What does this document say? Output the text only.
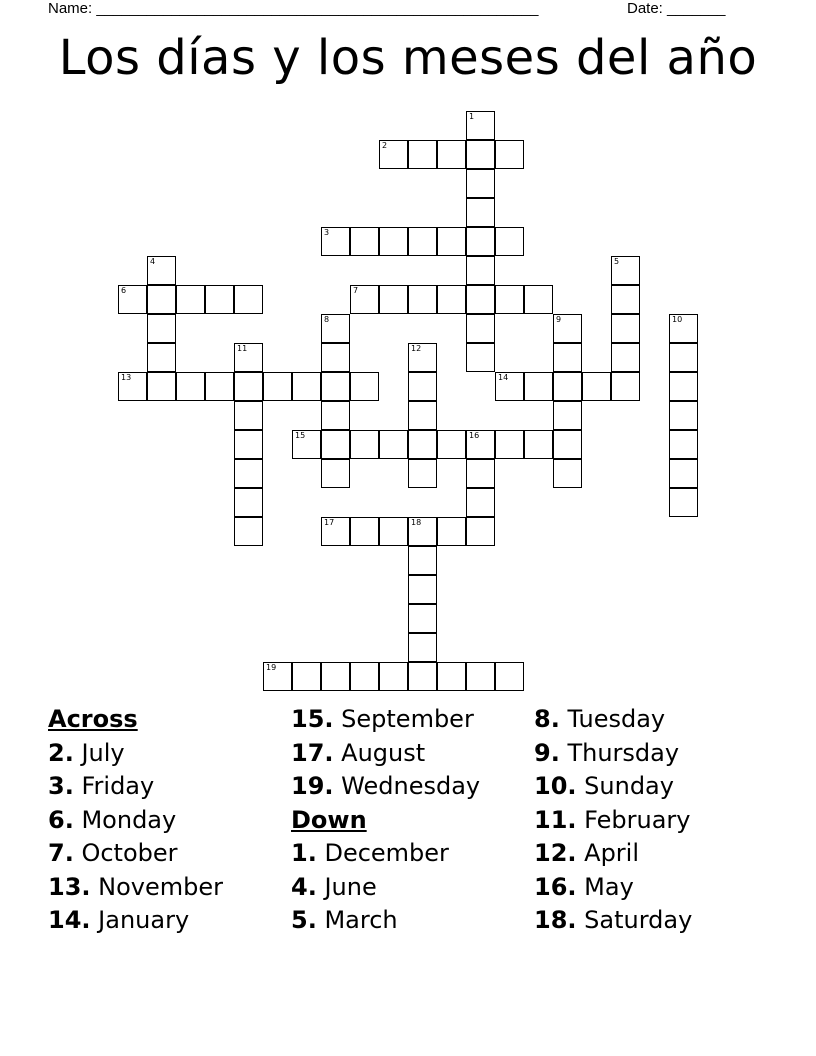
Name: _____________________________________________________	Date: _______
Los días y los meses del año
1
2
3
4	5
6	7
8	9	10
11	12
13	14
15	16
17	18
19
Across
2. July
3. Friday
6. Monday
7. October
13. November
14. January
15. September
17. August
19. Wednesday
Down
1. December
4. June
5. March
8. Tuesday
9. Thursday
10. Sunday
11. February
12. April
16. May
18. Saturday
